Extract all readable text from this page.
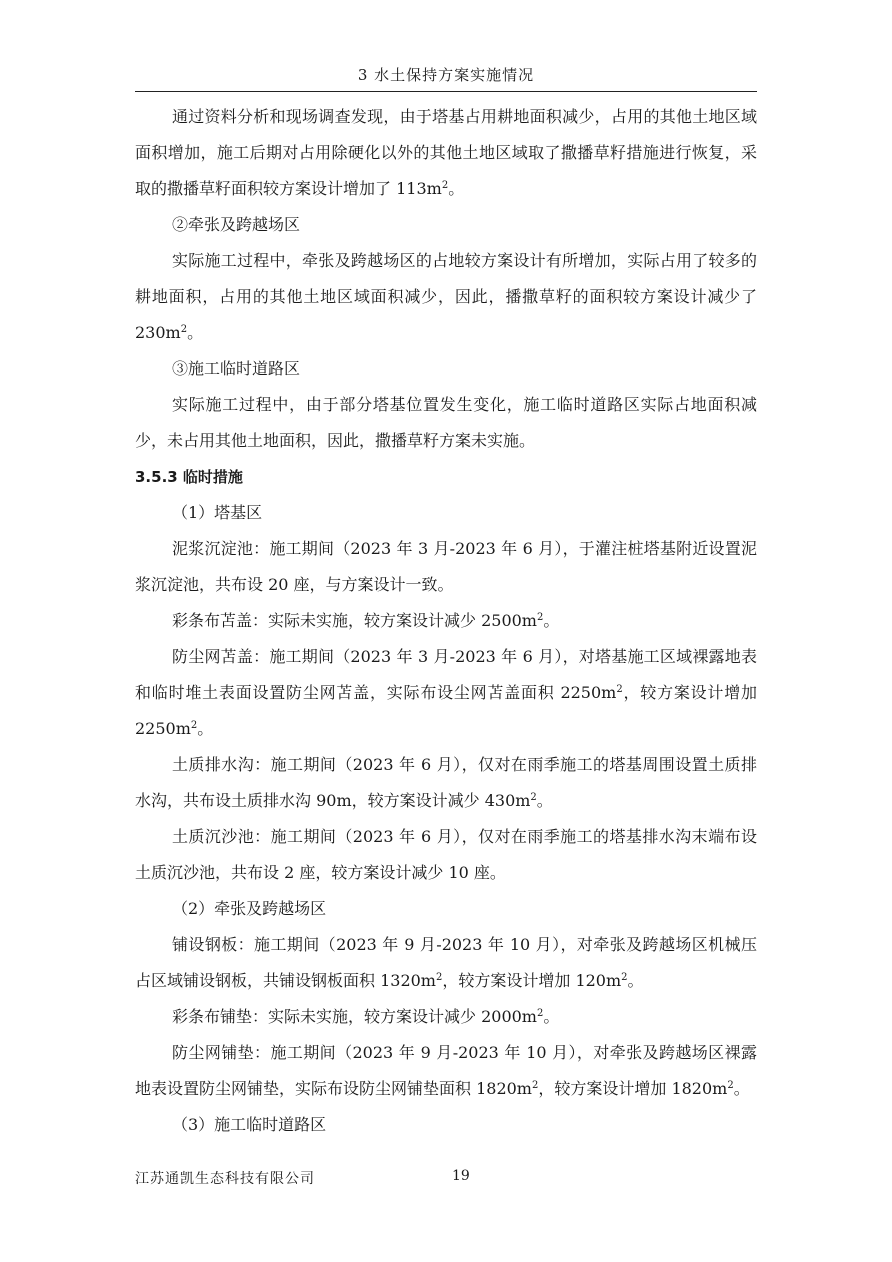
3 水土保持方案实施情况

通过资料分析和现场调查发现，由于塔基占用耕地面积减少，占用的其他土地区域面积增加，施工后期对占用除硬化以外的其他土地区域取了撒播草籽措施进行恢复，采取的撒播草籽面积较方案设计增加了 $113m^2$。

②牵张及跨越场区

实际施工过程中，牵张及跨越场区的占地较方案设计有所增加，实际占用了较多的耕地面积，占用的其他土地区域面积减少，因此，播撒草籽的面积较方案设计减少了 $230m^2$。

③施工临时道路区

实际施工过程中，由于部分塔基位置发生变化，施工临时道路区实际占地面积减少，未占用其他土地面积，因此，撒播草籽方案未实施。

3.5.3 临时措施

（1）塔基区

泥浆沉淀池：施工期间（2023 年 3 月-2023 年 6 月），于灌注桩塔基附近设置泥浆沉淀池，共布设 20 座，与方案设计一致。

彩条布苫盖：实际未实施，较方案设计减少 $2500m^2$。

防尘网苫盖：施工期间（2023 年 3 月-2023 年 6 月），对塔基施工区域裸露地表和临时堆土表面设置防尘网苫盖，实际布设尘网苫盖面积 $2250m^2$，较方案设计增加 $2250m^2$。

土质排水沟：施工期间（2023 年 6 月），仅对在雨季施工的塔基周围设置土质排水沟，共布设土质排水沟 90m，较方案设计减少 $430m^2$。

土质沉沙池：施工期间（2023 年 6 月），仅对在雨季施工的塔基排水沟末端布设土质沉沙池，共布设 2 座，较方案设计减少 10 座。

（2）牵张及跨越场区

铺设钢板：施工期间（2023 年 9 月-2023 年 10 月），对牵张及跨越场区机械压占区域铺设钢板，共铺设钢板面积 $1320m^2$，较方案设计增加 $120m^2$。

彩条布铺垫：实际未实施，较方案设计减少 $2000m^2$。

防尘网铺垫：施工期间（2023 年 9 月-2023 年 10 月），对牵张及跨越场区裸露地表设置防尘网铺垫，实际布设防尘网铺垫面积 $1820m^2$，较方案设计增加 $1820m^2$。

（3）施工临时道路区

江苏通凯生态科技有限公司	19
